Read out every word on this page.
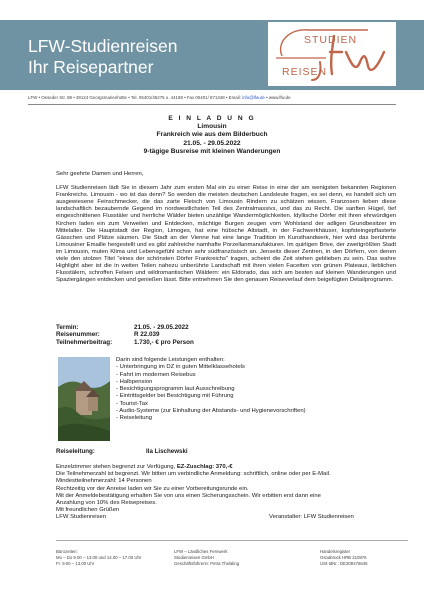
LFW-Studienreisen
Ihr Reisepartner
STUDIEN
REISEN
LFW • Oeseder Str. 88 • 49124 Georgsmarienhütte • Tel. 05401/45275 o. 44188 • Fax 05401/ 871348 • Email: info@lfw.de • www.lfw.de
E I N L A D U N G
Limousin
Frankreich wie aus dem Bilderbuch
21.05. - 29.05.2022
9-tägige Busreise mit kleinen Wanderungen

Sehr geehrte Damen und Herren,

LFW Studienreisen lädt Sie in diesem Jahr zum ersten Mal ein zu einer Reise in eine der am wenigsten bekannten Regionen Frankreichs. Limousin - wo ist das denn? So werden die meisten deutschen Landsleute fragen, es sei denn, es handelt sich um ausgewiesene Feinschmecker, die das zarte Fleisch von Limousin Rindern zu schätzen wissen. Franzosen lieben diese landschaftlich bezaubernde Gegend im nordwestlichsten Teil des Zentralmassivs, und das zu Recht. Die sanften Hügel, tief eingeschnittenen Flusstäler und herrliche Wälder bieten unzählige Wandermöglichkeiten. Idyllische Dörfer mit ihren ehrwürdigen Kirchen laden ein zum Verweilen und Entdecken, mächtige Burgen zeugen vom Wohlstand der adligen Grundbesitzer im Mittelalter. Die Hauptstadt der Region, Limoges, hat eine hübsche Altstadt, in der Fachwerkhäuser, kopfsteingepflasterte Gässchen und Plätze säumen. Die Stadt an der Vienne hat eine lange Tradition im Kunsthandwerk, hier wird das berühmte Limousiner Emaille hergestellt und es gibt zahlreiche namhafte Porzellanmanufakturen. Im quirligen Brive, der zweitgrößten Stadt im Limousin, muten Klima und Lebensgefühl schon sehr südfranzösisch an. Jenseits dieser Zentren, in den Dörfern, von denen viele den stolzen Titel "eines der schönsten Dörfer Frankreichs" tragen, scheint die Zeit stehen geblieben zu sein. Das wahre Highlight aber ist die in weiten Teilen nahezu unberührte Landschaft mit ihren vielen Facetten von grünen Plateaus, lieblichen Flusstälern, schroffen Felsen und wildromantischen Wäldern: ein Eldorado, das sich am besten auf kleinen Wanderungen und Spaziergängen entdecken und genießen lässt. Bitte entnehmen Sie den genauen Reiseverlauf dem beigefügten Detailprogramm.

Termin:	21.05. - 29.05.2022
Reisenummer:	R 22.039
Teilnehmerbeitrag:	1.730,- € pro Person
Darin sind folgende Leistungen enthalten:
- Unterbringung im DZ in guten Mittelklassehotels
- Fahrt im modernen Reisebus
- Halbpension
- Besichtigungsprogramm laut Ausschreibung
- Eintrittsgelder bei Besichtigung mit Führung
- Tourist-Tax
- Audio-Systeme (zur Einhaltung der Abstands- und Hygienevorschriften)
- Reiseleitung
Reiseleitung:	Ila Lischewski
Einzelzimmer stehen begrenzt zur Verfügung, EZ-Zuschlag: 370,-€
Die Teilnehmerzahl ist begrenzt. Wir bitten um verbindliche Anmeldung: schriftlich, online oder per E-Mail.
Mindestteilnehmerzahl: 14 Personen
Rechtzeitig vor der Anreise laden wir Sie zu einer Vorbereitungsrunde ein.
Mit der Anmeldebestätigung erhalten Sie von uns einen Sicherungsschein. Wir erbitten erst dann eine
Anzahlung von 10% des Reisepreises.
Mit freundlichen Grüßen
LFW Studienreisen	Veranstalter: LFW Studienreisen
Bürozeiten:
Mo – Do 9.00 – 13.00 und 14.00 – 17.00 Uhr
Fr. 9.00 – 13.00 Uhr
LFW – Ländliches Fernwerk
Studienreisen GmbH
Geschäftsführerin: Petra Thelaling
Handelsregister
Osnabrück HRB 210976
USt-IdNr.: DE309476645
